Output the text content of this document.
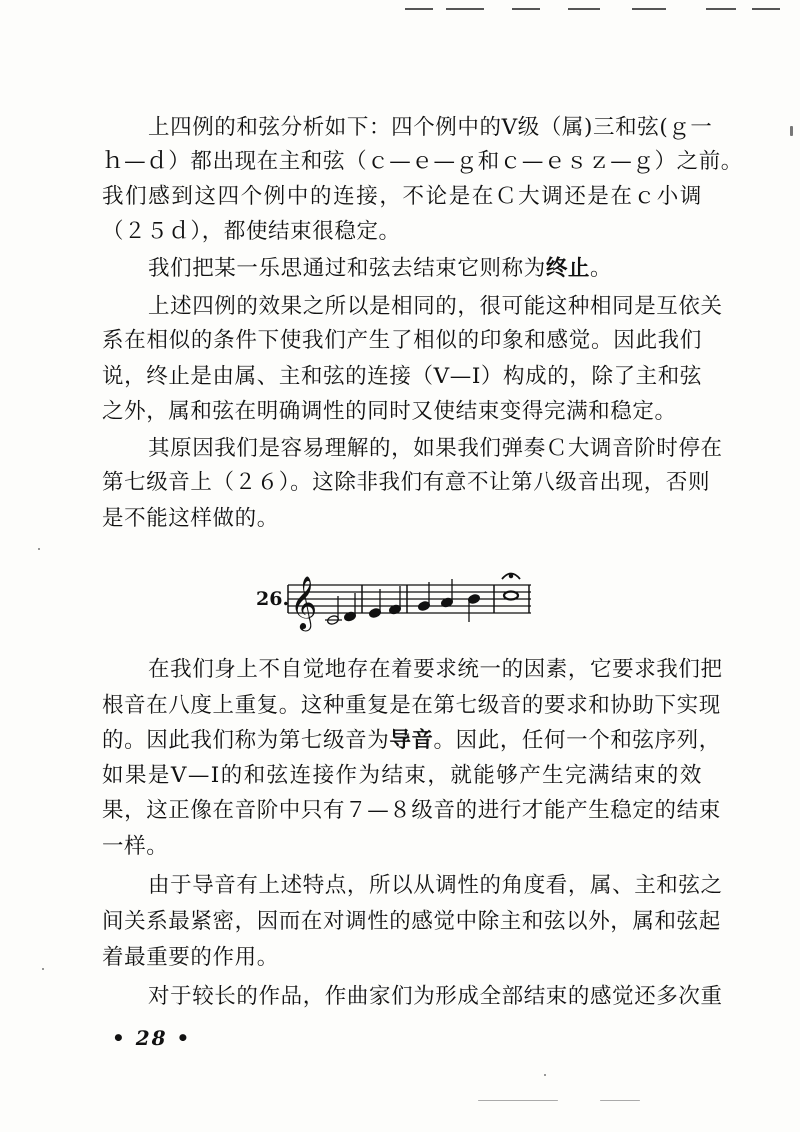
上四例的和弦分析如下：四个例中的Ⅴ级（属)三和弦(ｇ一
ｈ—ｄ）都出现在主和弦（ｃ—ｅ—ｇ和ｃ—ｅｓｚ—ｇ）之前。
我们感到这四个例中的连接，不论是在Ｃ大调还是在ｃ小调
（２５ｄ），都使结束很稳定。
我们把某一乐思通过和弦去结束它则称为终止。
上述四例的效果之所以是相同的，很可能这种相同是互依关
系在相似的条件下使我们产生了相似的印象和感觉。因此我们
说，终止是由属、主和弦的连接（Ⅴ—Ⅰ）构成的，除了主和弦
之外，属和弦在明确调性的同时又使结束变得完满和稳定。
其原因我们是容易理解的，如果我们弹奏Ｃ大调音阶时停在
第七级音上（２６）。这除非我们有意不让第八级音出现，否则
是不能这样做的。
26. 𝄞
在我们身上不自觉地存在着要求统一的因素，它要求我们把
根音在八度上重复。这种重复是在第七级音的要求和协助下实现
的。因此我们称为第七级音为导音。因此，任何一个和弦序列，
如果是Ⅴ—Ⅰ的和弦连接作为结束，就能够产生完满结束的效
果，这正像在音阶中只有７—８级音的进行才能产生稳定的结束
一样。
由于导音有上述特点，所以从调性的角度看，属、主和弦之
间关系最紧密，因而在对调性的感觉中除主和弦以外，属和弦起
着最重要的作用。
对于较长的作品，作曲家们为形成全部结束的感觉还多次重
• 28 •
